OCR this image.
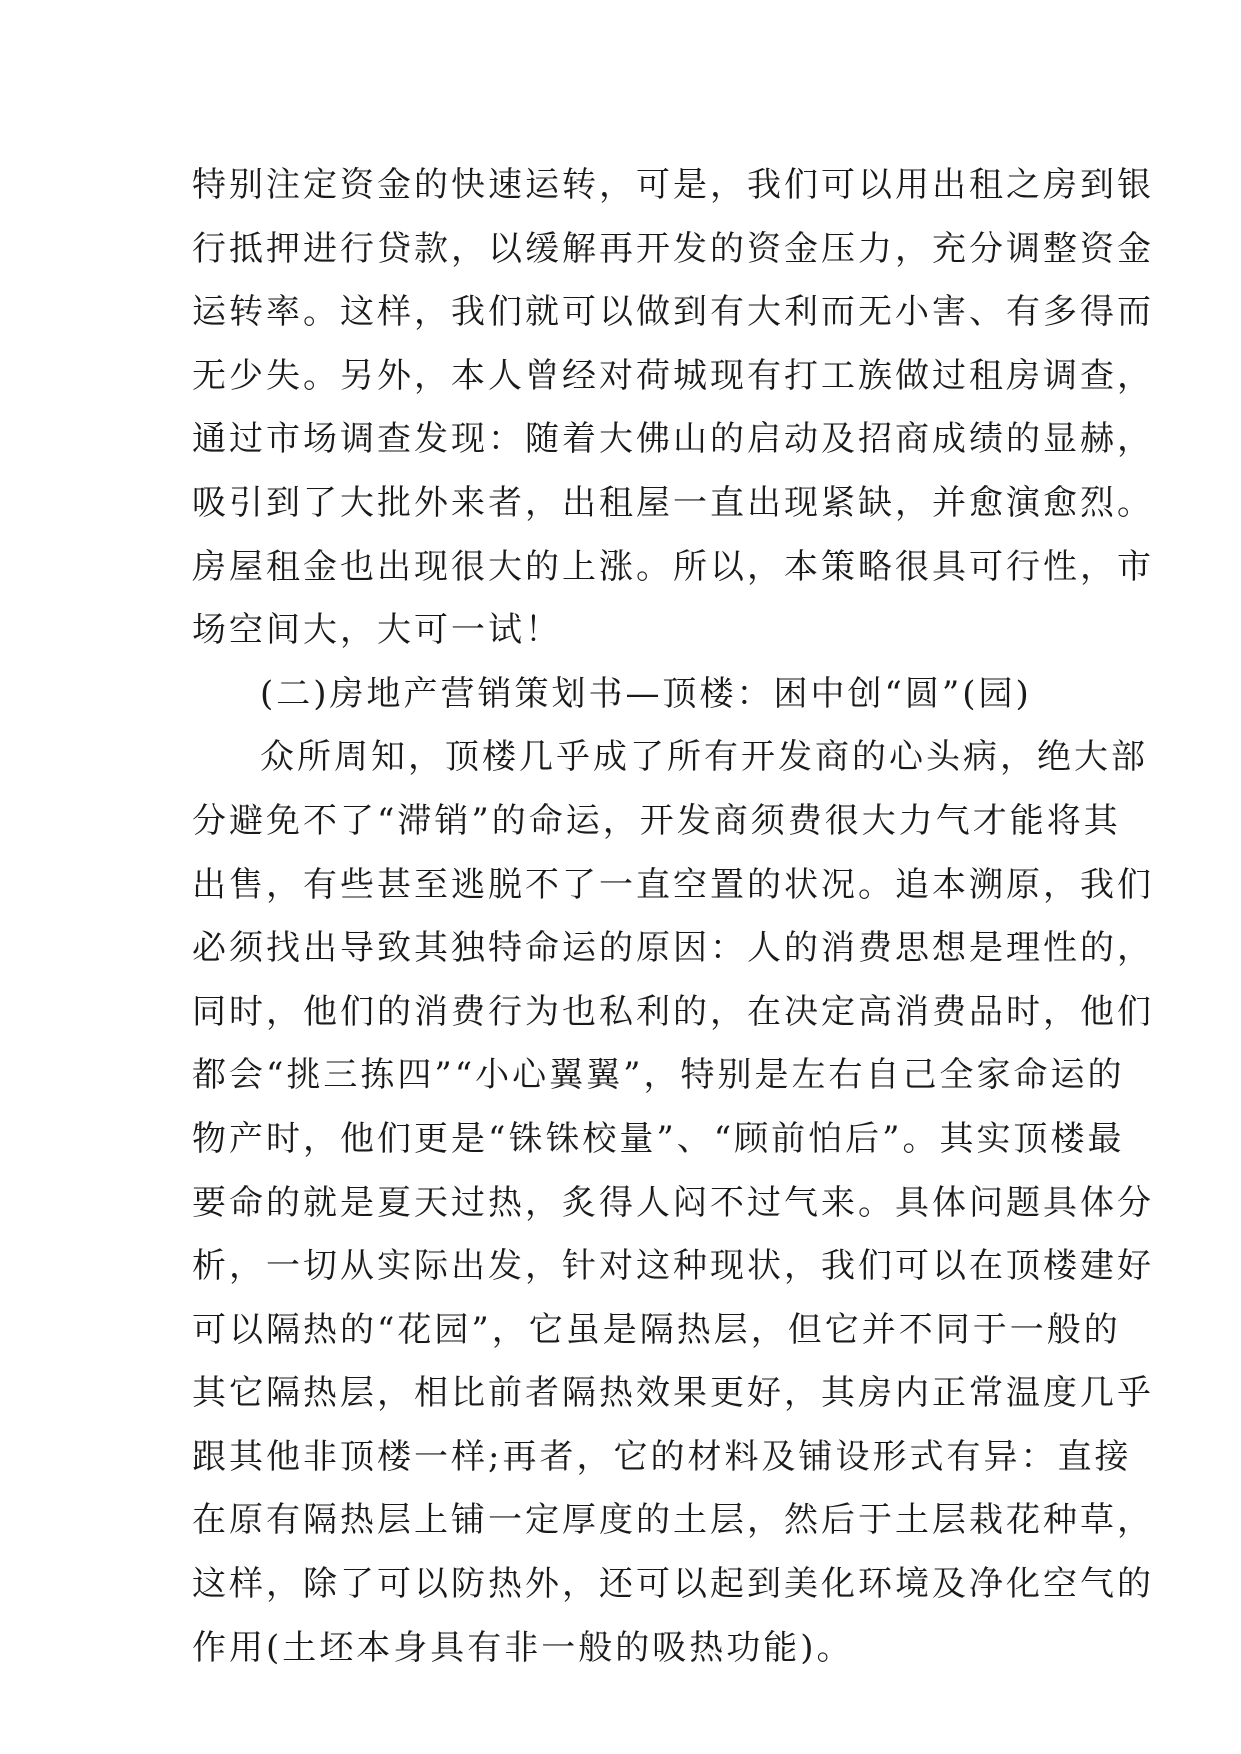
特别注定资金的快速运转，可是，我们可以用出租之房到银
行抵押进行贷款，以缓解再开发的资金压力，充分调整资金
运转率。这样，我们就可以做到有大利而无小害、有多得而
无少失。另外，本人曾经对荷城现有打工族做过租房调查，
通过市场调查发现：随着大佛山的启动及招商成绩的显赫，
吸引到了大批外来者，出租屋一直出现紧缺，并愈演愈烈。
房屋租金也出现很大的上涨。所以，本策略很具可行性，市
场空间大，大可一试！
(二)房地产营销策划书—顶楼：困中创“圆”(园)
众所周知，顶楼几乎成了所有开发商的心头病，绝大部
分避免不了“滞销”的命运，开发商须费很大力气才能将其
出售，有些甚至逃脱不了一直空置的状况。追本溯原，我们
必须找出导致其独特命运的原因：人的消费思想是理性的，
同时，他们的消费行为也私利的，在决定高消费品时，他们
都会“挑三拣四”“小心翼翼”，特别是左右自己全家命运的
物产时，他们更是“铢铢校量”、“顾前怕后”。其实顶楼最
要命的就是夏天过热，炙得人闷不过气来。具体问题具体分
析，一切从实际出发，针对这种现状，我们可以在顶楼建好
可以隔热的“花园”，它虽是隔热层，但它并不同于一般的
其它隔热层，相比前者隔热效果更好，其房内正常温度几乎
跟其他非顶楼一样;再者，它的材料及铺设形式有异：直接
在原有隔热层上铺一定厚度的土层，然后于土层栽花种草，
这样，除了可以防热外，还可以起到美化环境及净化空气的
作用(土坯本身具有非一般的吸热功能)。
